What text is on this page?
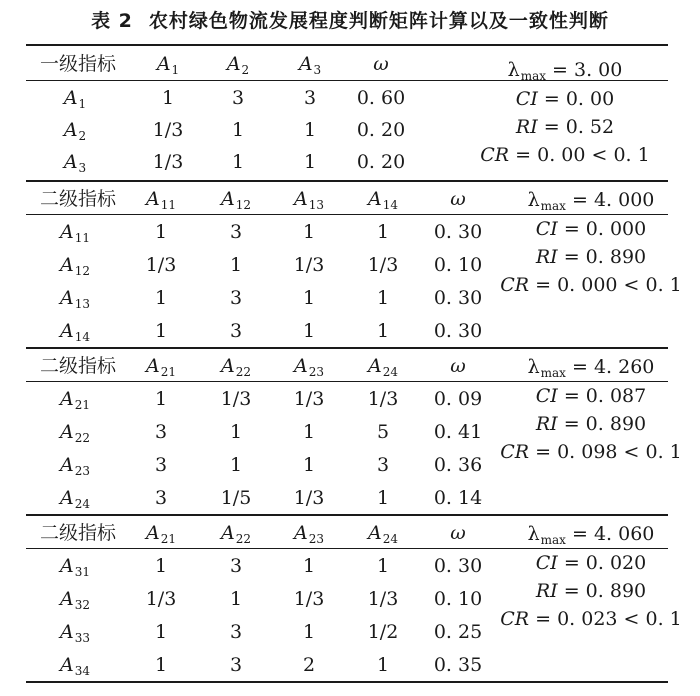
表 2 农村绿色物流发展程度判断矩阵计算以及一致性判断
一级指标	$A_1$	$A_2$	$A_3$	ω
$A_1$	1	3	3	0. 60
$A_2$	1/3	1	1	0. 20
$A_3$	1/3	1	1	0. 20
$\lambda_{max} = 3$. 00
CI = 0. 00
RI = 0. 52
CR = 0. 00 < 0. 1
二级指标	$A_{11}$	$A_{12}$	$A_{13}$	$A_{14}$	ω
$A_{11}$	1	3	1	1	0. 30
$A_{12}$	1/3	1	1/3	1/3	0. 10
$A_{13}$	1	3	1	1	0. 30
$A_{14}$	1	3	1	1	0. 30
$\lambda_{max} = 4$. 000
CI = 0. 000
RI = 0. 890
CR = 0. 000 < 0. 1
二级指标	$A_{21}$	$A_{22}$	$A_{23}$	$A_{24}$	ω
$A_{21}$	1	1/3	1/3	1/3	0. 09
$A_{22}$	3	1	1	5	0. 41
$A_{23}$	3	1	1	3	0. 36
$A_{24}$	3	1/5	1/3	1	0. 14
$\lambda_{max} = 4$. 260
CI = 0. 087
RI = 0. 890
CR = 0. 098 < 0. 1
二级指标	$A_{21}$	$A_{22}$	$A_{23}$	$A_{24}$	ω
$A_{31}$	1	3	1	1	0. 30
$A_{32}$	1/3	1	1/3	1/3	0. 10
$A_{33}$	1	3	1	1/2	0. 25
$A_{34}$	1	3	2	1	0. 35
$\lambda_{max} = 4$. 060
CI = 0. 020
RI = 0. 890
CR = 0. 023 < 0. 1
